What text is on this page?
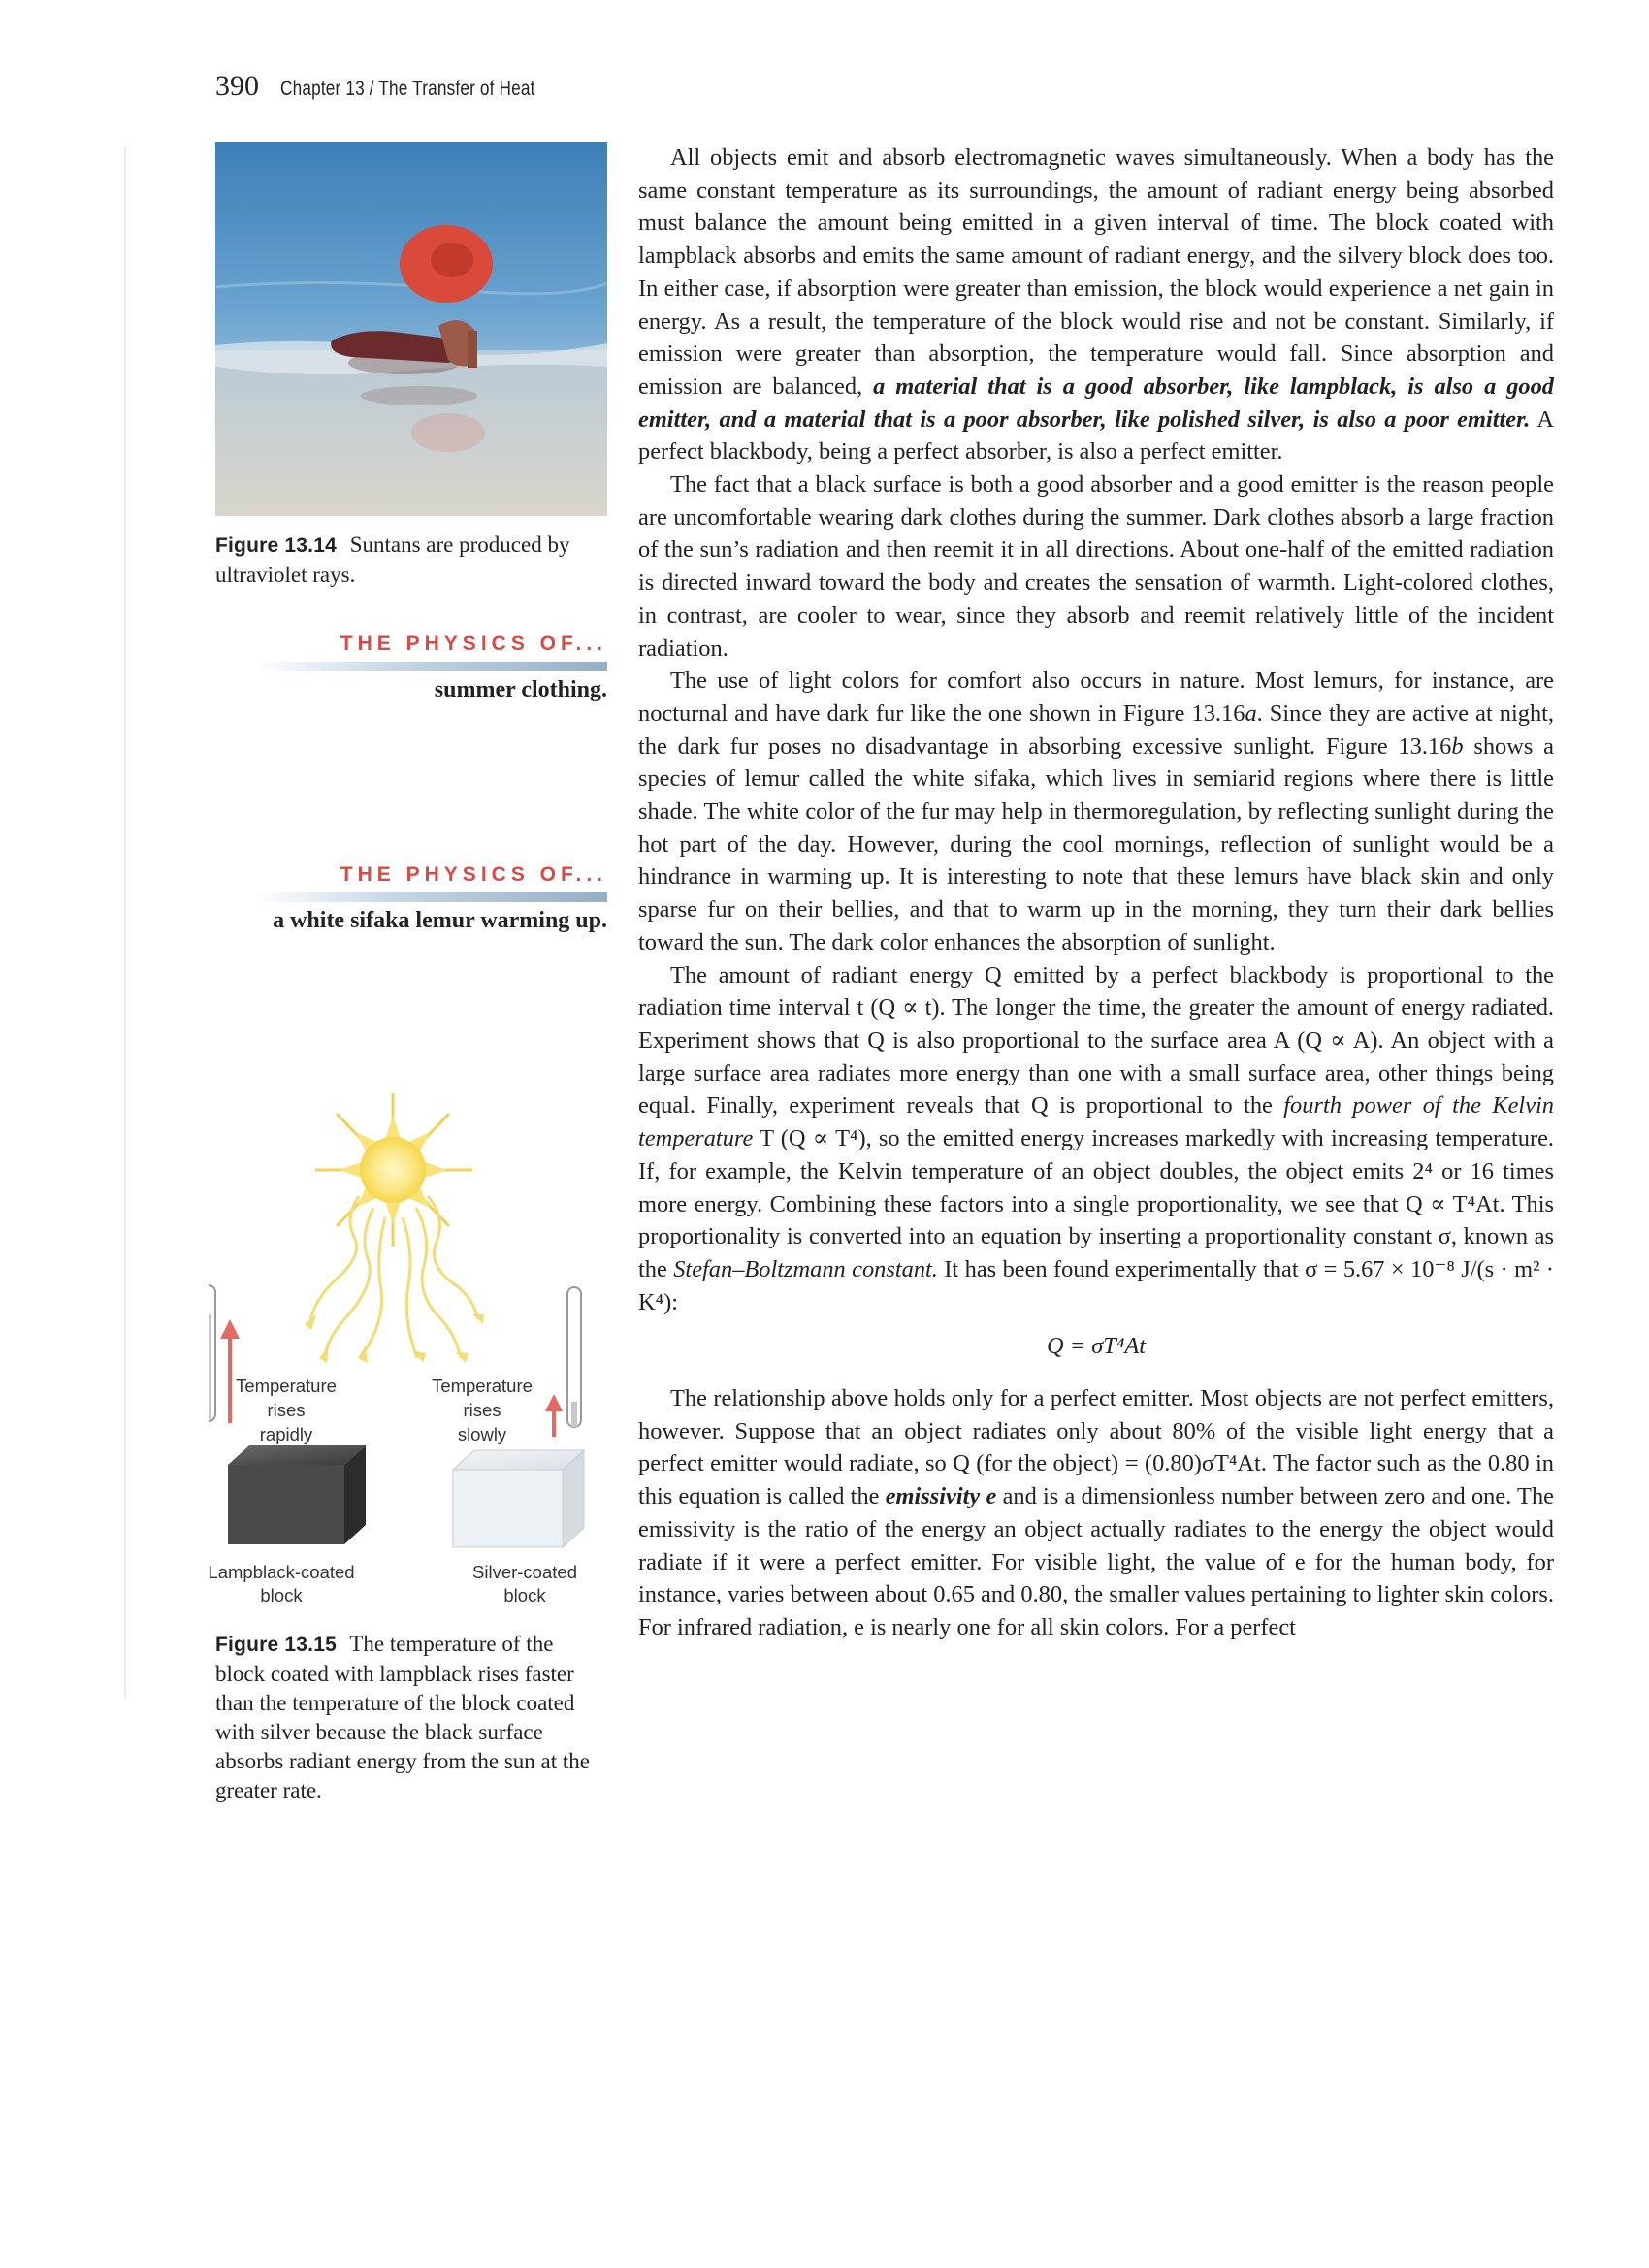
390 Chapter 13 / The Transfer of Heat
Figure 13.14 Suntans are produced by ultraviolet rays.
THE PHYSICS OF...
summer clothing.
THE PHYSICS OF...
a white sifaka lemur warming up.
Temperature
rises
rapidly
Temperature
rises
slowly
Lampblack-coated
block
Silver-coated
block
Figure 13.15 The temperature of the block coated with lampblack rises faster than the temperature of the block coated with silver because the black surface absorbs radiant energy from the sun at the greater rate.

All objects emit and absorb electromagnetic waves simultaneously. When a body has the same constant temperature as its surroundings, the amount of radiant energy being absorbed must balance the amount being emitted in a given interval of time. The block coated with lampblack absorbs and emits the same amount of radiant energy, and the silvery block does too. In either case, if absorption were greater than emission, the block would experience a net gain in energy. As a result, the temperature of the block would rise and not be constant. Similarly, if emission were greater than absorption, the temperature would fall. Since absorption and emission are balanced, a material that is a good absorber, like lampblack, is also a good emitter, and a material that is a poor absorber, like polished silver, is also a poor emitter. A perfect blackbody, being a perfect absorber, is also a perfect emitter.

The fact that a black surface is both a good absorber and a good emitter is the reason people are uncomfortable wearing dark clothes during the summer. Dark clothes absorb a large fraction of the sun’s radiation and then reemit it in all directions. About one-half of the emitted radiation is directed inward toward the body and creates the sensation of warmth. Light-colored clothes, in contrast, are cooler to wear, since they absorb and reemit relatively little of the incident radiation.

The use of light colors for comfort also occurs in nature. Most lemurs, for instance, are nocturnal and have dark fur like the one shown in Figure 13.16a. Since they are active at night, the dark fur poses no disadvantage in absorbing excessive sunlight. Figure 13.16b shows a species of lemur called the white sifaka, which lives in semiarid regions where there is little shade. The white color of the fur may help in thermoregulation, by reflecting sunlight during the hot part of the day. However, during the cool mornings, reflection of sunlight would be a hindrance in warming up. It is interesting to note that these lemurs have black skin and only sparse fur on their bellies, and that to warm up in the morning, they turn their dark bellies toward the sun. The dark color enhances the absorption of sunlight.

The amount of radiant energy Q emitted by a perfect blackbody is proportional to the radiation time interval t (Q ∝ t). The longer the time, the greater the amount of energy radiated. Experiment shows that Q is also proportional to the surface area A (Q ∝ A). An object with a large surface area radiates more energy than one with a small surface area, other things being equal. Finally, experiment reveals that Q is proportional to the fourth power of the Kelvin temperature T (Q ∝ T⁴), so the emitted energy increases markedly with increasing temperature. If, for example, the Kelvin temperature of an object doubles, the object emits 2⁴ or 16 times more energy. Combining these factors into a single proportionality, we see that Q ∝ T⁴At. This proportionality is converted into an equation by inserting a proportionality constant σ, known as the Stefan–Boltzmann constant. It has been found experimentally that σ = 5.67 × 10⁻⁸ J/(s · m² · K⁴):

Q = σT⁴At

The relationship above holds only for a perfect emitter. Most objects are not perfect emitters, however. Suppose that an object radiates only about 80% of the visible light energy that a perfect emitter would radiate, so Q (for the object) = (0.80)σT⁴At. The factor such as the 0.80 in this equation is called the emissivity e and is a dimensionless number between zero and one. The emissivity is the ratio of the energy an object actually radiates to the energy the object would radiate if it were a perfect emitter. For visible light, the value of e for the human body, for instance, varies between about 0.65 and 0.80, the smaller values pertaining to lighter skin colors. For infrared radiation, e is nearly one for all skin colors. For a perfect
